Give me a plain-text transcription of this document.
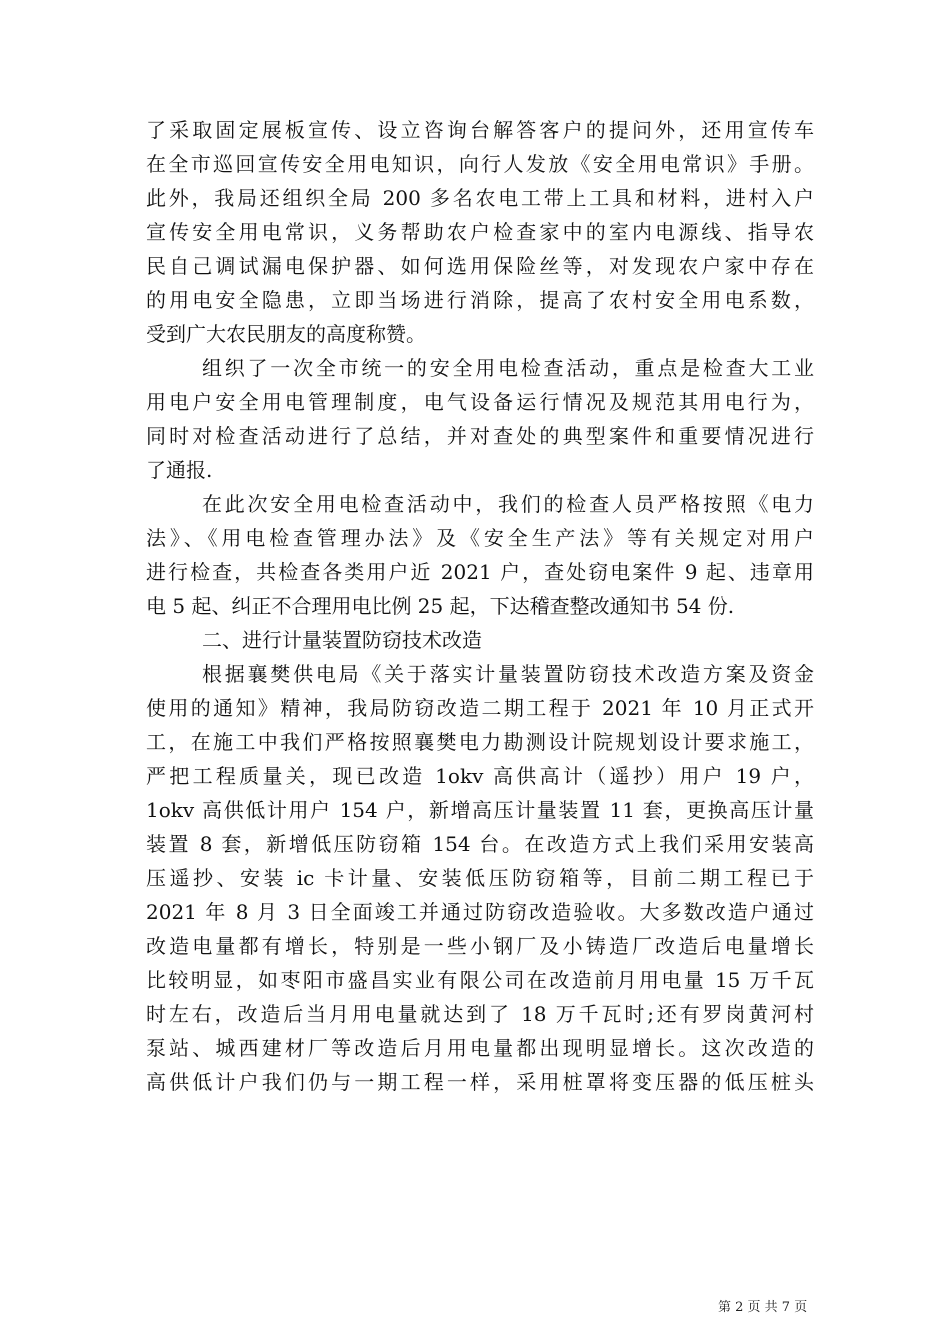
了采取固定展板宣传、设立咨询台解答客户的提问外，还用宣传车
在全市巡回宣传安全用电知识，向行人发放《安全用电常识》手册。
此外，我局还组织全局 200 多名农电工带上工具和材料，进村入户
宣传安全用电常识，义务帮助农户检查家中的室内电源线、指导农
民自己调试漏电保护器、如何选用保险丝等，对发现农户家中存在
的用电安全隐患，立即当场进行消除，提高了农村安全用电系数，
受到广大农民朋友的高度称赞。
组织了一次全市统一的安全用电检查活动，重点是检查大工业
用电户安全用电管理制度，电气设备运行情况及规范其用电行为，
同时对检查活动进行了总结，并对查处的典型案件和重要情况进行
了通报.
在此次安全用电检查活动中，我们的检查人员严格按照《电力
法》、《用电检查管理办法》及《安全生产法》等有关规定对用户
进行检查，共检查各类用户近 2021 户，查处窃电案件 9 起、违章用
电 5 起、纠正不合理用电比例 25 起，下达稽查整改通知书 54 份.
二、进行计量装置防窃技术改造
根据襄樊供电局《关于落实计量装置防窃技术改造方案及资金
使用的通知》精神，我局防窃改造二期工程于 2021 年 10 月正式开
工，在施工中我们严格按照襄樊电力勘测设计院规划设计要求施工，
严把工程质量关，现已改造 1okv 高供高计（遥抄）用户 19 户，
1okv 高供低计用户 154 户，新增高压计量装置 11 套，更换高压计量
装置 8 套，新增低压防窃箱 154 台。在改造方式上我们采用安装高
压遥抄、安装 ic 卡计量、安装低压防窃箱等，目前二期工程已于
2021 年 8 月 3 日全面竣工并通过防窃改造验收。大多数改造户通过
改造电量都有增长，特别是一些小钢厂及小铸造厂改造后电量增长
比较明显，如枣阳市盛昌实业有限公司在改造前月用电量 15 万千瓦
时左右，改造后当月用电量就达到了 18 万千瓦时;还有罗岗黄河村
泵站、城西建材厂等改造后月用电量都出现明显增长。这次改造的
高供低计户我们仍与一期工程一样，采用桩罩将变压器的低压桩头
第 2 页 共 7 页
